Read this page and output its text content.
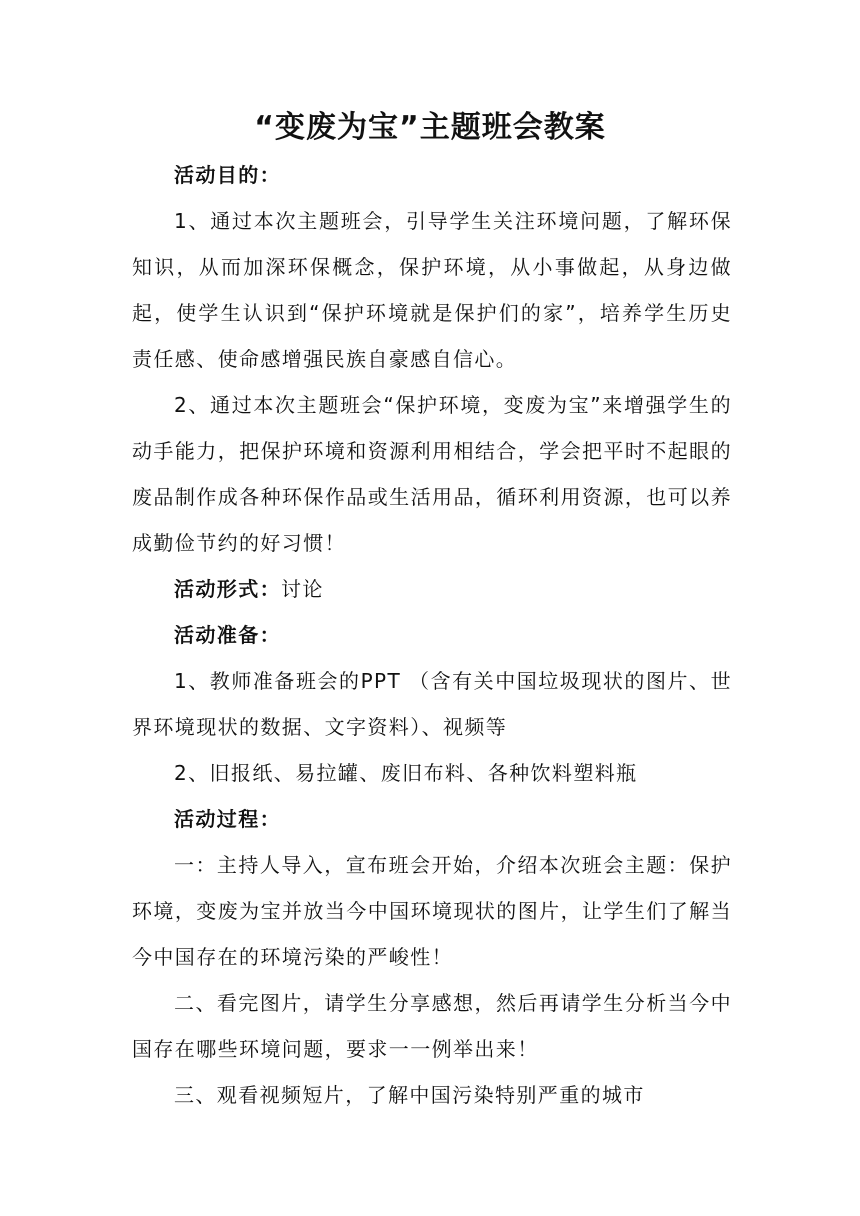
“变废为宝”主题班会教案

活动目的：

1、通过本次主题班会，引导学生关注环境问题，了解环保知识，从而加深环保概念，保护环境，从小事做起，从身边做起，使学生认识到“保护环境就是保护们的家”，培养学生历史责任感、使命感增强民族自豪感自信心。

2、通过本次主题班会“保护环境，变废为宝”来增强学生的动手能力，把保护环境和资源利用相结合，学会把平时不起眼的废品制作成各种环保作品或生活用品，循环利用资源，也可以养成勤俭节约的好习惯！

活动形式：讨论

活动准备：

1、教师准备班会的PPT （含有关中国垃圾现状的图片、世界环境现状的数据、文字资料）、视频等

2、旧报纸、易拉罐、废旧布料、各种饮料塑料瓶

活动过程：

一：主持人导入，宣布班会开始，介绍本次班会主题：保护环境，变废为宝并放当今中国环境现状的图片，让学生们了解当今中国存在的环境污染的严峻性！

二、看完图片，请学生分享感想，然后再请学生分析当今中国存在哪些环境问题，要求一一例举出来！

三、观看视频短片，了解中国污染特别严重的城市
